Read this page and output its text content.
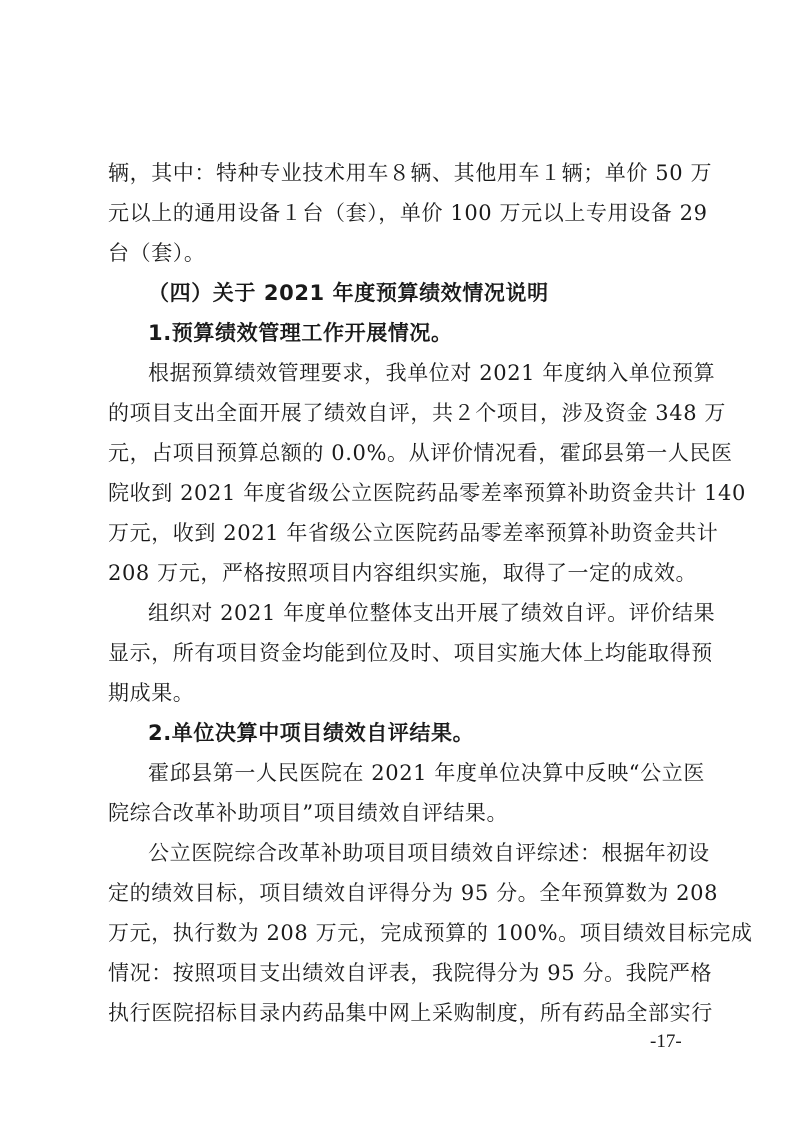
辆，其中：特种专业技术用车８辆、其他用车１辆；单价 50 万
元以上的通用设备１台（套），单价 100 万元以上专用设备 29
台（套）。
（四）关于 2021 年度预算绩效情况说明
1.预算绩效管理工作开展情况。
根据预算绩效管理要求，我单位对 2021 年度纳入单位预算
的项目支出全面开展了绩效自评，共２个项目，涉及资金 348 万
元，占项目预算总额的 0.0%。从评价情况看，霍邱县第一人民医
院收到 2021 年度省级公立医院药品零差率预算补助资金共计 140
万元，收到 2021 年省级公立医院药品零差率预算补助资金共计
208 万元，严格按照项目内容组织实施，取得了一定的成效。
组织对 2021 年度单位整体支出开展了绩效自评。评价结果
显示，所有项目资金均能到位及时、项目实施大体上均能取得预
期成果。
2.单位决算中项目绩效自评结果。
霍邱县第一人民医院在 2021 年度单位决算中反映“公立医
院综合改革补助项目”项目绩效自评结果。
公立医院综合改革补助项目项目绩效自评综述：根据年初设
定的绩效目标，项目绩效自评得分为 95 分。全年预算数为 208
万元，执行数为 208 万元，完成预算的 100%。项目绩效目标完成
情况：按照项目支出绩效自评表，我院得分为 95 分。我院严格
执行医院招标目录内药品集中网上采购制度，所有药品全部实行
-17-
